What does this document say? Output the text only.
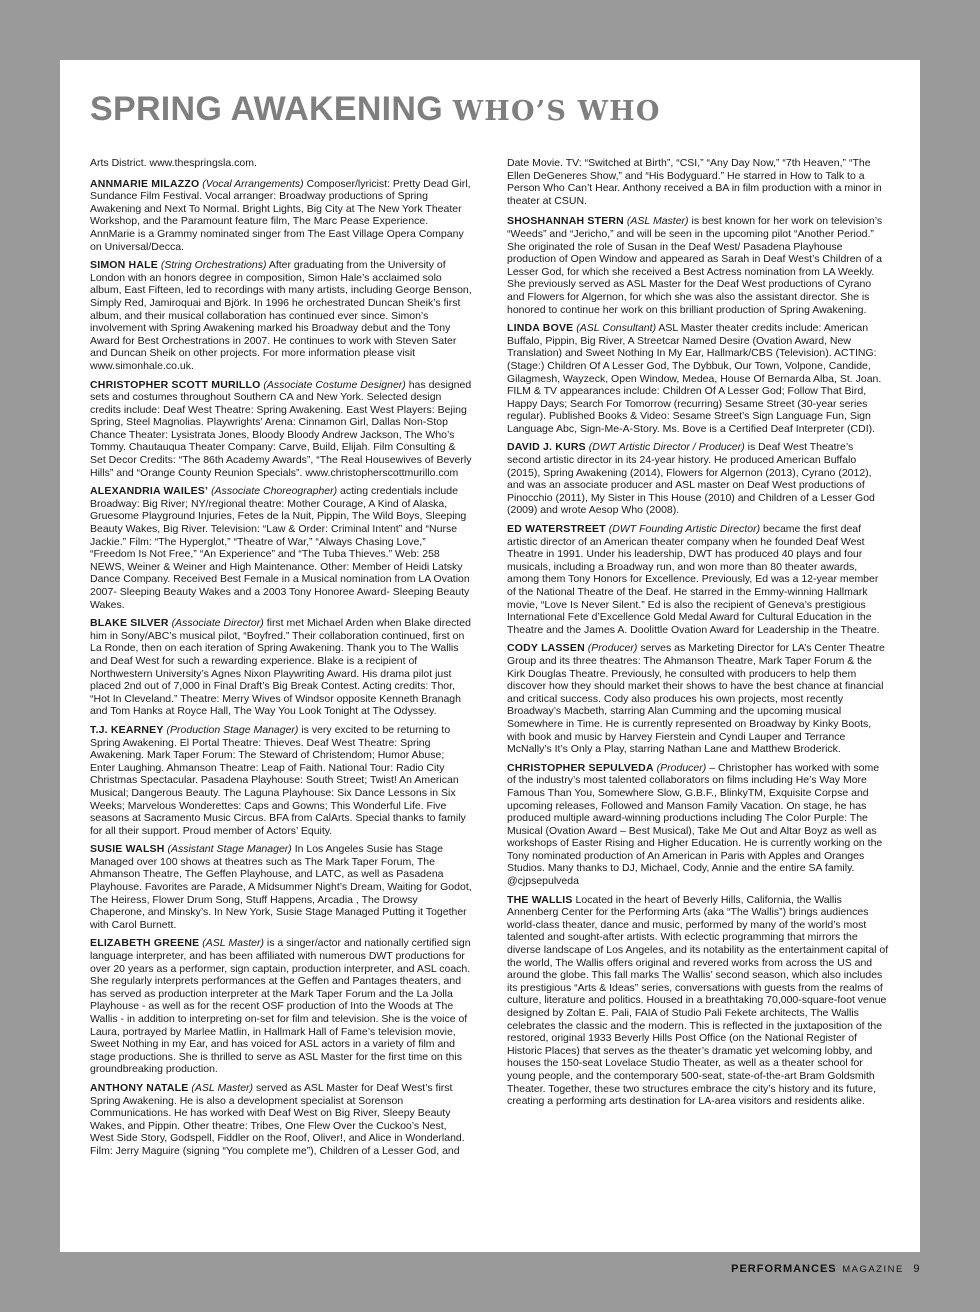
SPRING AWAKENING WHO’S WHO

Arts District. www.thespringsla.com.

ANNMARIE MILAZZO (Vocal Arrangements) Composer/lyricist: Pretty Dead Girl, Sundance Film Festival. Vocal arranger: Broadway productions of Spring Awakening and Next To Normal. Bright Lights, Big City at The New York Theater Workshop, and the Paramount feature film, The Marc Pease Experience. AnnMarie is a Grammy nominated singer from The East Village Opera Company on Universal/Decca.

SIMON HALE (String Orchestrations) After graduating from the University of London with an honors degree in composition, Simon Hale’s acclaimed solo album, East Fifteen, led to recordings with many artists, including George Benson, Simply Red, Jamiroquai and Björk. In 1996 he orchestrated Duncan Sheik’s first album, and their musical collaboration has continued ever since. Simon’s involvement with Spring Awakening marked his Broadway debut and the Tony Award for Best Orchestrations in 2007. He continues to work with Steven Sater and Duncan Sheik on other projects. For more information please visit www.simonhale.co.uk.

CHRISTOPHER SCOTT MURILLO (Associate Costume Designer) has designed sets and costumes throughout Southern CA and New York. Selected design credits include: Deaf West Theatre: Spring Awakening. East West Players: Bejing Spring, Steel Magnolias. Playwrights’ Arena: Cinnamon Girl, Dallas Non-Stop Chance Theater: Lysistrata Jones, Bloody Bloody Andrew Jackson, The Who’s Tommy. Chautauqua Theater Company: Carve, Build, Elijah. Film Consulting & Set Decor Credits: “The 86th Academy Awards”, “The Real Housewives of Beverly Hills” and “Orange County Reunion Specials”. www.christopherscottmurillo.com

ALEXANDRIA WAILES’ (Associate Choreographer) acting credentials include Broadway: Big River; NY/regional theatre: Mother Courage, A Kind of Alaska, Gruesome Playground Injuries, Fetes de la Nuit, Pippin, The Wild Boys, Sleeping Beauty Wakes, Big River. Television: “Law & Order: Criminal Intent” and “Nurse Jackie.” Film: “The Hyperglot,” “Theatre of War,” “Always Chasing Love,” “Freedom Is Not Free,” “An Experience” and “The Tuba Thieves.” Web: 258 NEWS, Weiner & Weiner and High Maintenance. Other: Member of Heidi Latsky Dance Company. Received Best Female in a Musical nomination from LA Ovation 2007- Sleeping Beauty Wakes and a 2003 Tony Honoree Award- Sleeping Beauty Wakes.

BLAKE SILVER (Associate Director) first met Michael Arden when Blake directed him in Sony/ABC’s musical pilot, “Boyfred.” Their collaboration continued, first on La Ronde, then on each iteration of Spring Awakening. Thank you to The Wallis and Deaf West for such a rewarding experience. Blake is a recipient of Northwestern University’s Agnes Nixon Playwriting Award. His drama pilot just placed 2nd out of 7,000 in Final Draft’s Big Break Contest. Acting credits: Thor, “Hot In Cleveland.” Theatre: Merry Wives of Windsor opposite Kenneth Branagh and Tom Hanks at Royce Hall, The Way You Look Tonight at The Odyssey.

T.J. KEARNEY (Production Stage Manager) is very excited to be returning to Spring Awakening. El Portal Theatre: Thieves. Deaf West Theatre: Spring Awakening. Mark Taper Forum: The Steward of Christendom; Humor Abuse; Enter Laughing. Ahmanson Theatre: Leap of Faith. National Tour: Radio City Christmas Spectacular. Pasadena Playhouse: South Street; Twist! An American Musical; Dangerous Beauty. The Laguna Playhouse: Six Dance Lessons in Six Weeks; Marvelous Wonderettes: Caps and Gowns; This Wonderful Life. Five seasons at Sacramento Music Circus. BFA from CalArts. Special thanks to family for all their support. Proud member of Actors’ Equity.

SUSIE WALSH (Assistant Stage Manager) In Los Angeles Susie has Stage Managed over 100 shows at theatres such as The Mark Taper Forum, The Ahmanson Theatre, The Geffen Playhouse, and LATC, as well as Pasadena Playhouse. Favorites are Parade, A Midsummer Night’s Dream, Waiting for Godot, The Heiress, Flower Drum Song, Stuff Happens, Arcadia , The Drowsy Chaperone, and Minsky’s. In New York, Susie Stage Managed Putting it Together with Carol Burnett.

ELIZABETH GREENE (ASL Master) is a singer/actor and nationally certified sign language interpreter, and has been affiliated with numerous DWT productions for over 20 years as a performer, sign captain, production interpreter, and ASL coach. She regularly interprets performances at the Geffen and Pantages theaters, and has served as production interpreter at the Mark Taper Forum and the La Jolla Playhouse - as well as for the recent OSF production of Into the Woods at The Wallis - in addition to interpreting on-set for film and television. She is the voice of Laura, portrayed by Marlee Matlin, in Hallmark Hall of Fame’s television movie, Sweet Nothing in my Ear, and has voiced for ASL actors in a variety of film and stage productions. She is thrilled to serve as ASL Master for the first time on this groundbreaking production.

ANTHONY NATALE (ASL Master) served as ASL Master for Deaf West’s first Spring Awakening. He is also a development specialist at Sorenson Communications. He has worked with Deaf West on Big River, Sleepy Beauty Wakes, and Pippin. Other theatre: Tribes, One Flew Over the Cuckoo’s Nest, West Side Story, Godspell, Fiddler on the Roof, Oliver!, and Alice in Wonderland. Film: Jerry Maguire (signing “You complete me”), Children of a Lesser God, and

Date Movie. TV: “Switched at Birth”, “CSI,” “Any Day Now,” “7th Heaven,” “The Ellen DeGeneres Show,” and “His Bodyguard.” He starred in How to Talk to a Person Who Can’t Hear. Anthony received a BA in film production with a minor in theater at CSUN.

SHOSHANNAH STERN (ASL Master) is best known for her work on television’s “Weeds” and “Jericho,” and will be seen in the upcoming pilot “Another Period.” She originated the role of Susan in the Deaf West/ Pasadena Playhouse production of Open Window and appeared as Sarah in Deaf West’s Children of a Lesser God, for which she received a Best Actress nomination from LA Weekly. She previously served as ASL Master for the Deaf West productions of Cyrano and Flowers for Algernon, for which she was also the assistant director. She is honored to continue her work on this brilliant production of Spring Awakening.

LINDA BOVE (ASL Consultant) ASL Master theater credits include: American Buffalo, Pippin, Big River, A Streetcar Named Desire (Ovation Award, New Translation) and Sweet Nothing In My Ear, Hallmark/CBS (Television). ACTING: (Stage:) Children Of A Lesser God, The Dybbuk, Our Town, Volpone, Candide, Gilagmesh, Wayzeck, Open Window, Medea, House Of Bernarda Alba, St. Joan. FILM & TV appearances include: Children Of A Lesser God; Follow That Bird, Happy Days; Search For Tomorrow (recurring) Sesame Street (30-year series regular). Published Books & Video: Sesame Street’s Sign Language Fun, Sign Language Abc, Sign-Me-A-Story. Ms. Bove is a Certified Deaf Interpreter (CDI).

DAVID J. KURS (DWT Artistic Director / Producer) is Deaf West Theatre’s second artistic director in its 24-year history. He produced American Buffalo (2015), Spring Awakening (2014), Flowers for Algernon (2013), Cyrano (2012), and was an associate producer and ASL master on Deaf West productions of Pinocchio (2011), My Sister in This House (2010) and Children of a Lesser God (2009) and wrote Aesop Who (2008).

ED WATERSTREET (DWT Founding Artistic Director) became the first deaf artistic director of an American theater company when he founded Deaf West Theatre in 1991. Under his leadership, DWT has produced 40 plays and four musicals, including a Broadway run, and won more than 80 theater awards, among them Tony Honors for Excellence. Previously, Ed was a 12-year member of the National Theatre of the Deaf. He starred in the Emmy-winning Hallmark movie, “Love Is Never Silent.” Ed is also the recipient of Geneva’s prestigious International Fete d’Excellence Gold Medal Award for Cultural Education in the Theatre and the James A. Doolittle Ovation Award for Leadership in the Theatre.

CODY LASSEN (Producer) serves as Marketing Director for LA’s Center Theatre Group and its three theatres: The Ahmanson Theatre, Mark Taper Forum & the Kirk Douglas Theatre. Previously, he consulted with producers to help them discover how they should market their shows to have the best chance at financial and critical success. Cody also produces his own projects, most recently Broadway’s Macbeth, starring Alan Cumming and the upcoming musical Somewhere in Time. He is currently represented on Broadway by Kinky Boots, with book and music by Harvey Fierstein and Cyndi Lauper and Terrance McNally’s It’s Only a Play, starring Nathan Lane and Matthew Broderick.

CHRISTOPHER SEPULVEDA (Producer) – Christopher has worked with some of the industry’s most talented collaborators on films including He’s Way More Famous Than You, Somewhere Slow, G.B.F., BlinkyTM, Exquisite Corpse and upcoming releases, Followed and Manson Family Vacation. On stage, he has produced multiple award-winning productions including The Color Purple: The Musical (Ovation Award – Best Musical), Take Me Out and Altar Boyz as well as workshops of Easter Rising and Higher Education. He is currently working on the Tony nominated production of An American in Paris with Apples and Oranges Studios. Many thanks to DJ, Michael, Cody, Annie and the entire SA family. @cjpsepulveda

THE WALLIS Located in the heart of Beverly Hills, California, the Wallis Annenberg Center for the Performing Arts (aka “The Wallis”) brings audiences world-class theater, dance and music, performed by many of the world’s most talented and sought-after artists. With eclectic programming that mirrors the diverse landscape of Los Angeles, and its notability as the entertainment capital of the world, The Wallis offers original and revered works from across the US and around the globe. This fall marks The Wallis’ second season, which also includes its prestigious “Arts & Ideas” series, conversations with guests from the realms of culture, literature and politics. Housed in a breathtaking 70,000-square-foot venue designed by Zoltan E. Pali, FAIA of Studio Pali Fekete architects, The Wallis celebrates the classic and the modern. This is reflected in the juxtaposition of the restored, original 1933 Beverly Hills Post Office (on the National Register of Historic Places) that serves as the theater’s dramatic yet welcoming lobby, and houses the 150-seat Lovelace Studio Theater, as well as a theater school for young people, and the contemporary 500-seat, state-of-the-art Bram Goldsmith Theater. Together, these two structures embrace the city’s history and its future, creating a performing arts destination for LA-area visitors and residents alike.

PERFORMANCES MAGAZINE 9
